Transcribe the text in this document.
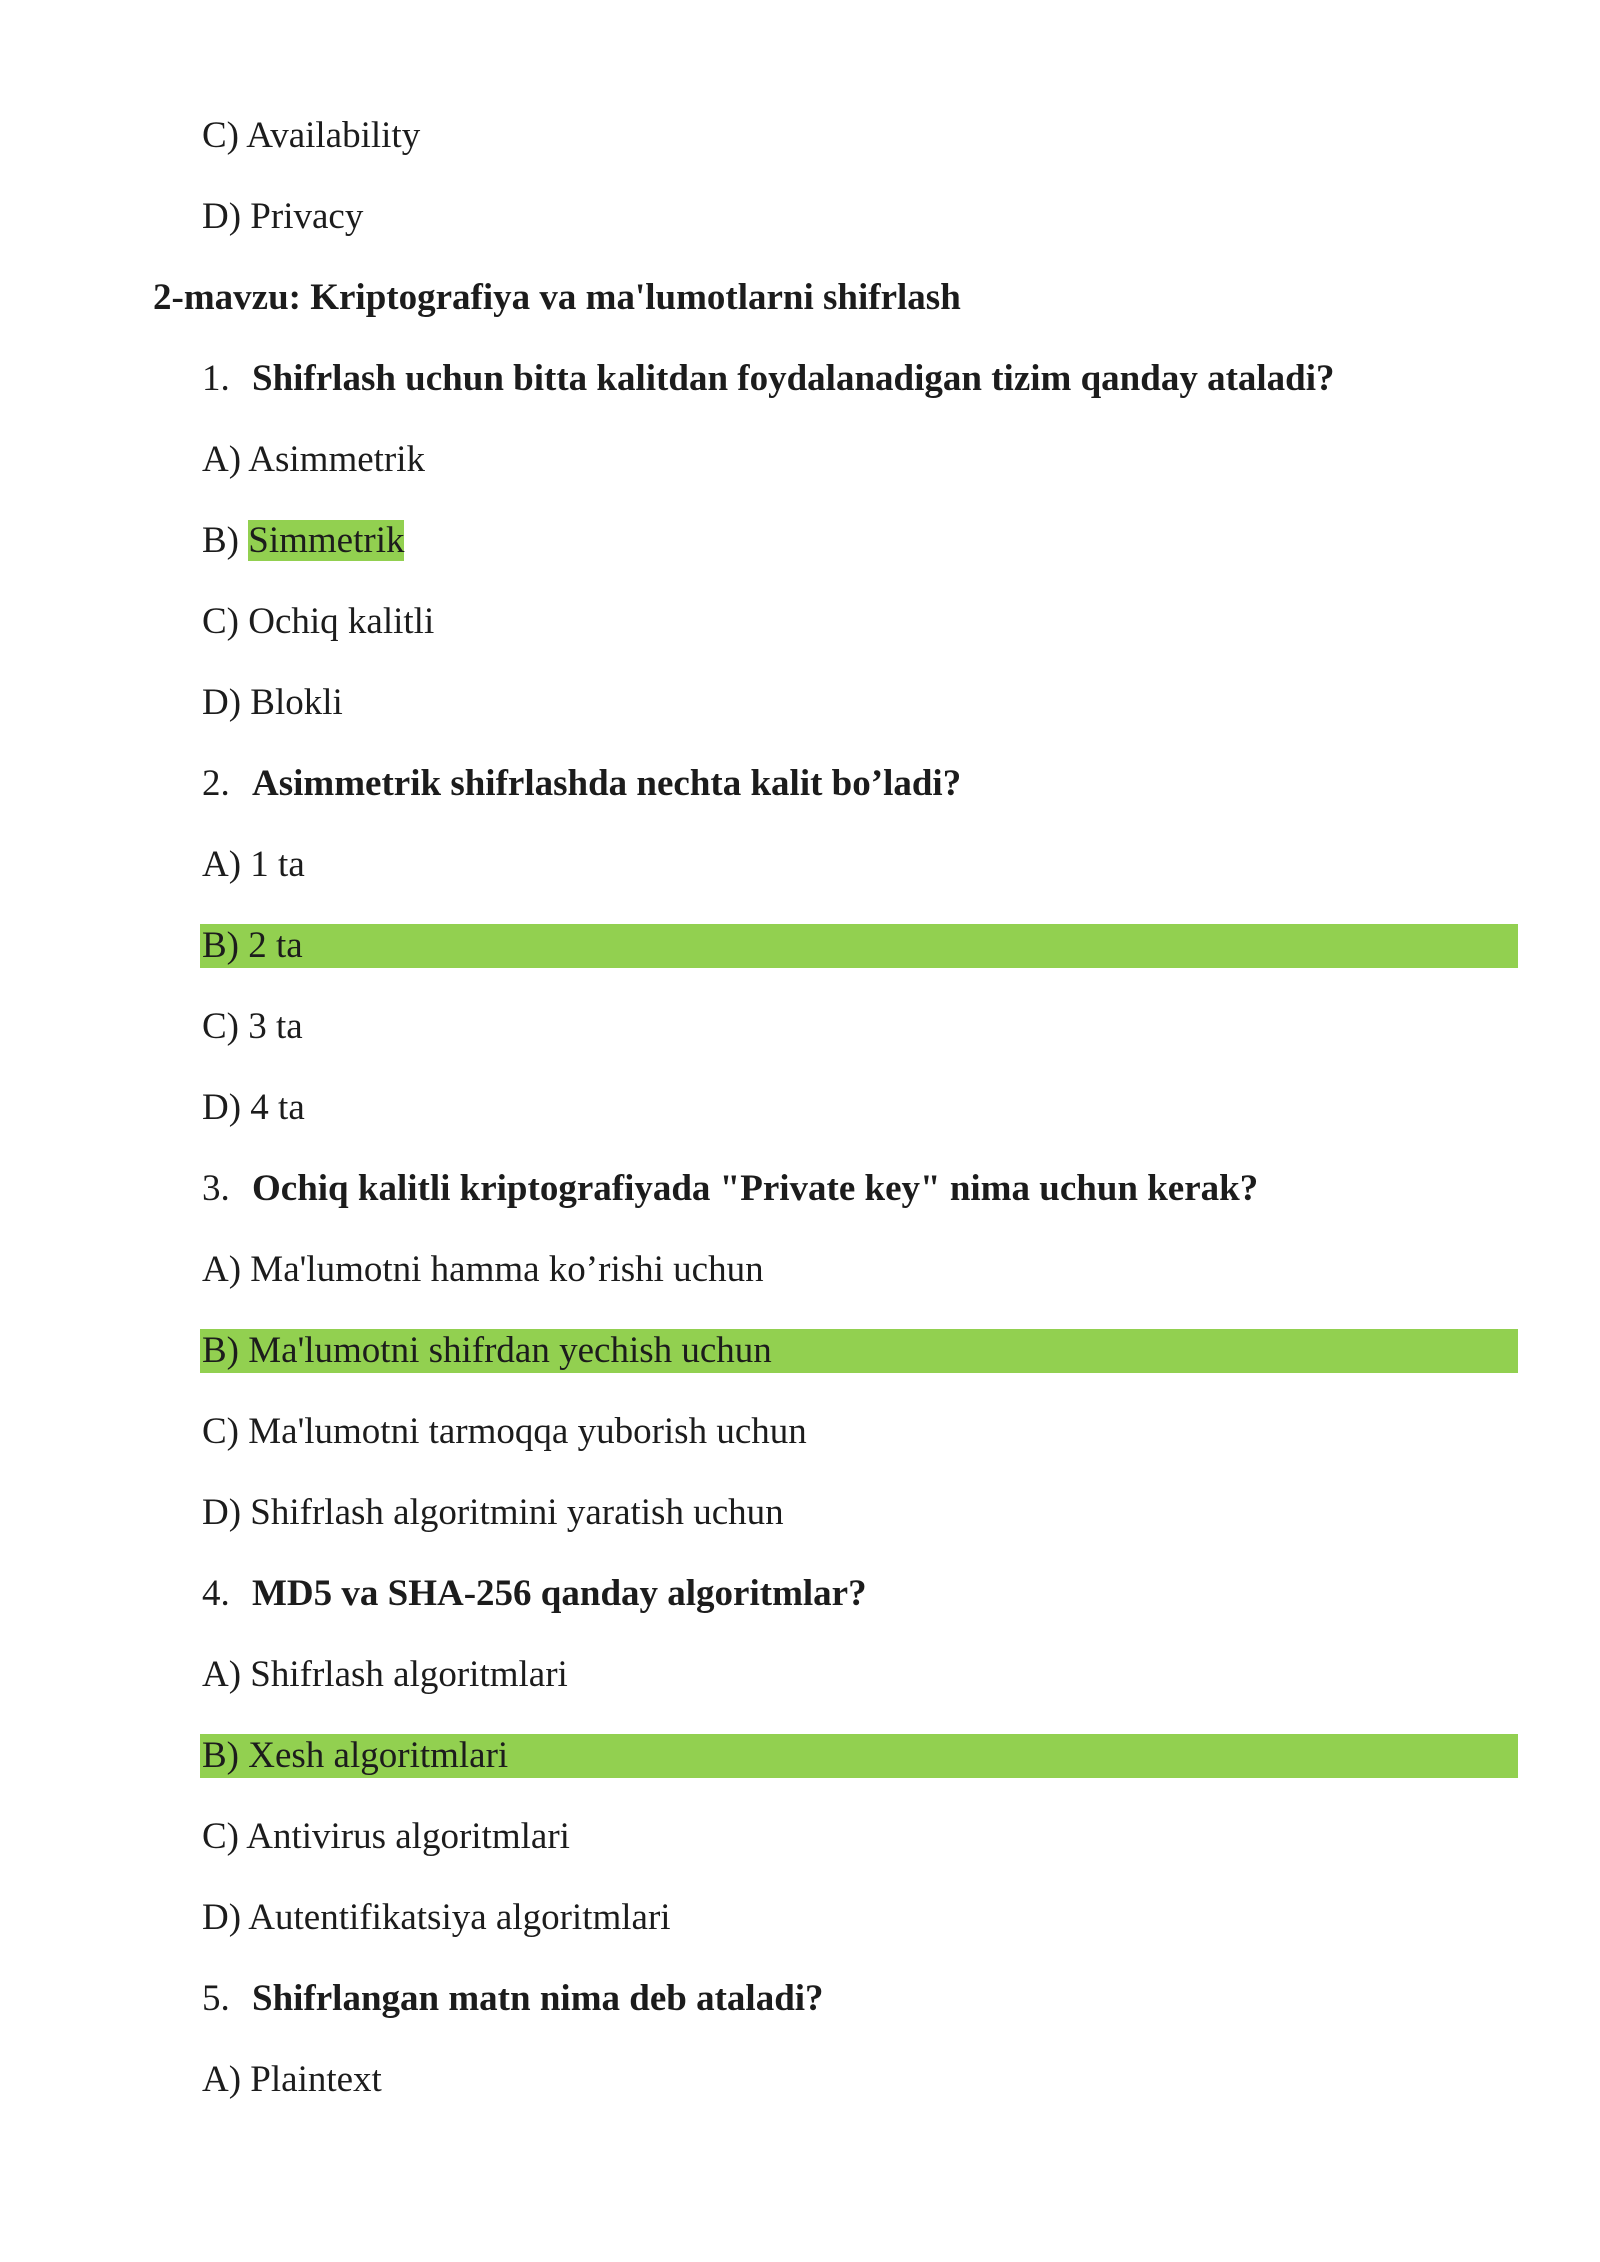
C) Availability
D) Privacy
2-mavzu: Kriptografiya va ma'lumotlarni shifrlash
1. Shifrlash uchun bitta kalitdan foydalanadigan tizim qanday ataladi?
A) Asimmetrik
B) Simmetrik
C) Ochiq kalitli
D) Blokli
2. Asimmetrik shifrlashda nechta kalit bo’ladi?
A) 1 ta
B) 2 ta
C) 3 ta
D) 4 ta
3. Ochiq kalitli kriptografiyada "Private key" nima uchun kerak?
A) Ma'lumotni hamma ko’rishi uchun
B) Ma'lumotni shifrdan yechish uchun
C) Ma'lumotni tarmoqqa yuborish uchun
D) Shifrlash algoritmini yaratish uchun
4. MD5 va SHA-256 qanday algoritmlar?
A) Shifrlash algoritmlari
B) Xesh algoritmlari
C) Antivirus algoritmlari
D) Autentifikatsiya algoritmlari
5. Shifrlangan matn nima deb ataladi?
A) Plaintext
